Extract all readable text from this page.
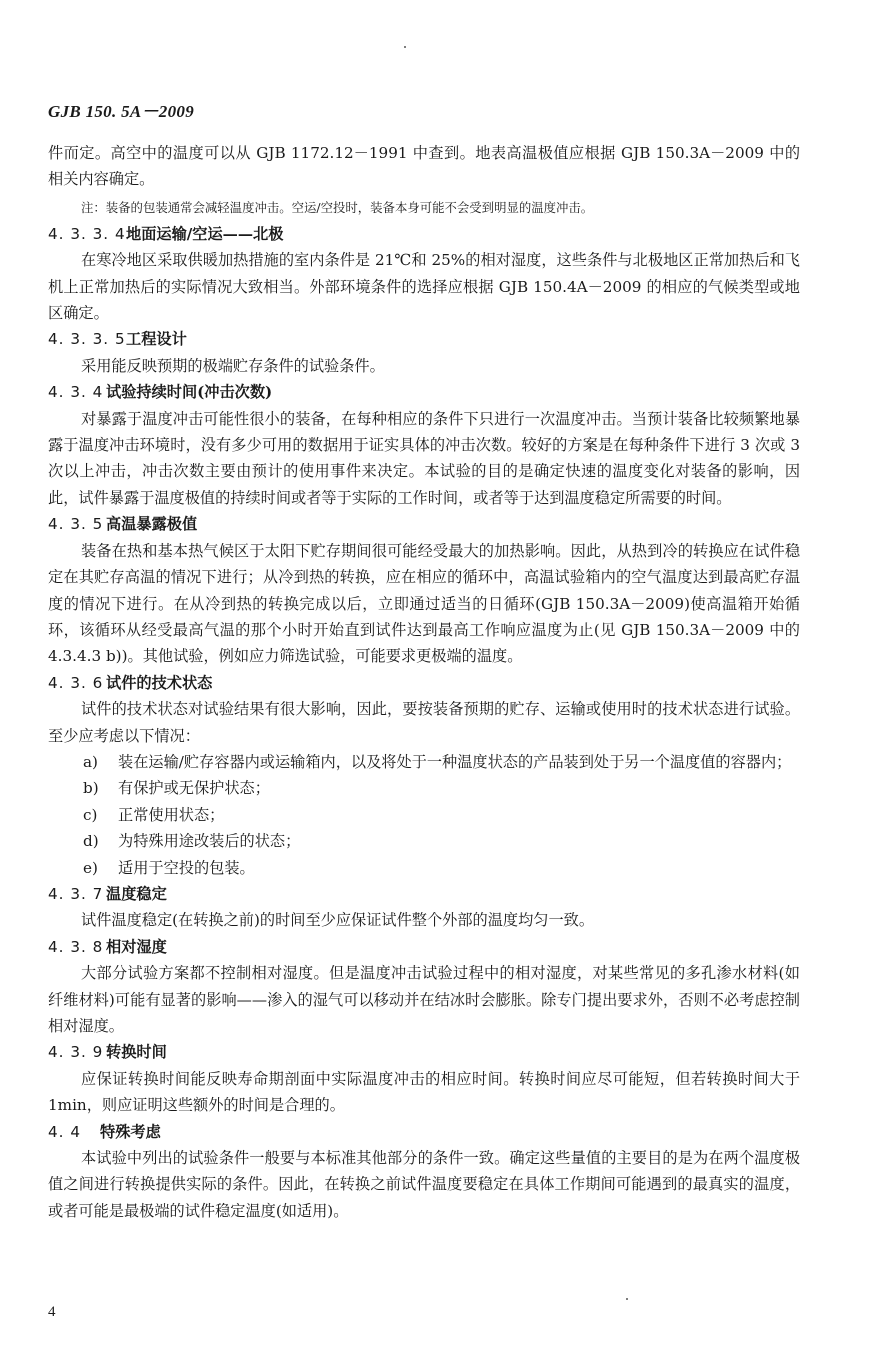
GJB 150. 5A－2009

件而定。高空中的温度可以从 GJB 1172.12－1991 中查到。地表高温极值应根据 GJB 150.3A－2009 中的相关内容确定。

注：装备的包装通常会减轻温度冲击。空运/空投时，装备本身可能不会受到明显的温度冲击。

4. 3. 3. 4地面运输/空运——北极

在寒冷地区采取供暖加热措施的室内条件是 21℃和 25%的相对湿度，这些条件与北极地区正常加热后和飞机上正常加热后的实际情况大致相当。外部环境条件的选择应根据 GJB 150.4A－2009 的相应的气候类型或地区确定。

4. 3. 3. 5工程设计

采用能反映预期的极端贮存条件的试验条件。

4. 3. 4 试验持续时间(冲击次数)

对暴露于温度冲击可能性很小的装备，在每种相应的条件下只进行一次温度冲击。当预计装备比较频繁地暴露于温度冲击环境时，没有多少可用的数据用于证实具体的冲击次数。较好的方案是在每种条件下进行 3 次或 3 次以上冲击，冲击次数主要由预计的使用事件来决定。本试验的目的是确定快速的温度变化对装备的影响，因此，试件暴露于温度极值的持续时间或者等于实际的工作时间，或者等于达到温度稳定所需要的时间。

4. 3. 5 高温暴露极值

装备在热和基本热气候区于太阳下贮存期间很可能经受最大的加热影响。因此，从热到冷的转换应在试件稳定在其贮存高温的情况下进行；从冷到热的转换，应在相应的循环中，高温试验箱内的空气温度达到最高贮存温度的情况下进行。在从冷到热的转换完成以后，立即通过适当的日循环(GJB 150.3A－2009)使高温箱开始循环，该循环从经受最高气温的那个小时开始直到试件达到最高工作响应温度为止(见 GJB 150.3A－2009 中的 4.3.4.3 b))。其他试验，例如应力筛选试验，可能要求更极端的温度。

4. 3. 6 试件的技术状态

试件的技术状态对试验结果有很大影响，因此，要按装备预期的贮存、运输或使用时的技术状态进行试验。至少应考虑以下情况：

a) 装在运输/贮存容器内或运输箱内，以及将处于一种温度状态的产品装到处于另一个温度值的容器内；
b) 有保护或无保护状态；
c) 正常使用状态；
d) 为特殊用途改装后的状态；
e) 适用于空投的包装。
4. 3. 7 温度稳定

试件温度稳定(在转换之前)的时间至少应保证试件整个外部的温度均匀一致。

4. 3. 8 相对湿度

大部分试验方案都不控制相对湿度。但是温度冲击试验过程中的相对湿度，对某些常见的多孔渗水材料(如纤维材料)可能有显著的影响——渗入的湿气可以移动并在结冰时会膨胀。除专门提出要求外，否则不必考虑控制相对湿度。

4. 3. 9 转换时间

应保证转换时间能反映寿命期剖面中实际温度冲击的相应时间。转换时间应尽可能短，但若转换时间大于 1min，则应证明这些额外的时间是合理的。

4. 4 特殊考虑

本试验中列出的试验条件一般要与本标准其他部分的条件一致。确定这些量值的主要目的是为在两个温度极值之间进行转换提供实际的条件。因此，在转换之前试件温度要稳定在具体工作期间可能遇到的最真实的温度，或者可能是最极端的试件稳定温度(如适用)。

4
